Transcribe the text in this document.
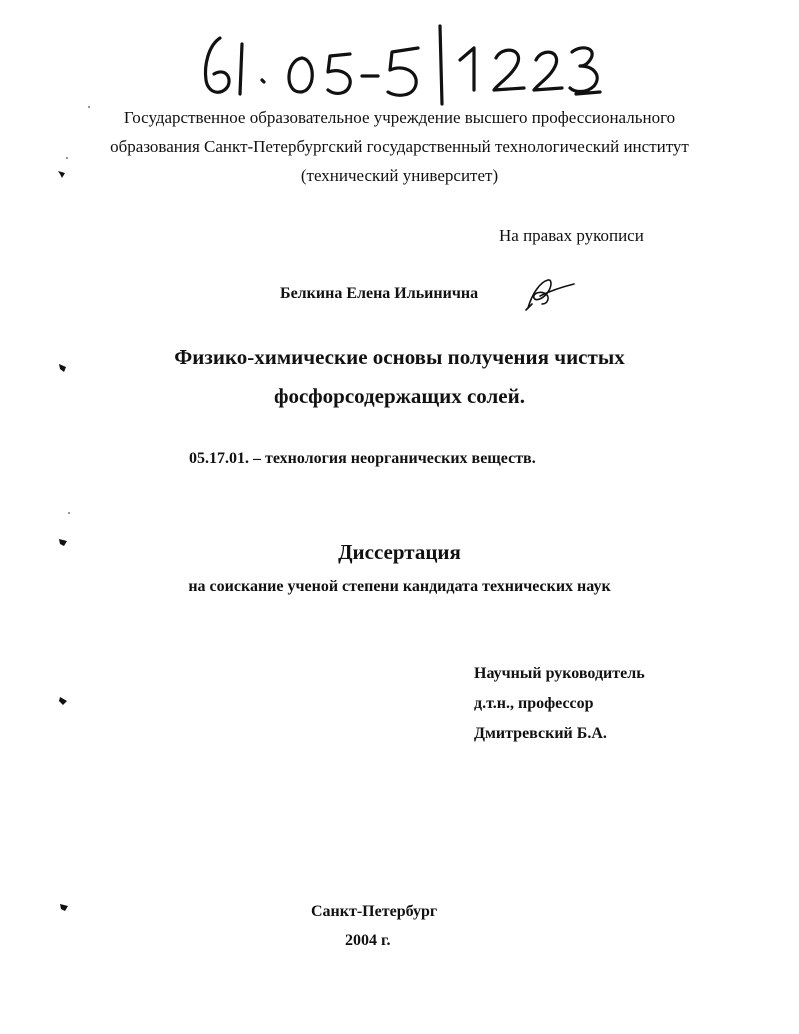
61 05-5/1223
Государственное образовательное учреждение высшего профессионального
образования Санкт-Петербургский государственный технологический институт
(технический университет)
На правах рукописи
Белкина Елена Ильинична
Физико-химические основы получения чистых
фосфорсодержащих солей.
05.17.01. – технология неорганических веществ.
Диссертация
на соискание ученой степени кандидата технических наук
Научный руководитель
д.т.н., профессор
Дмитревский Б.А.
Санкт-Петербург
2004 г.
